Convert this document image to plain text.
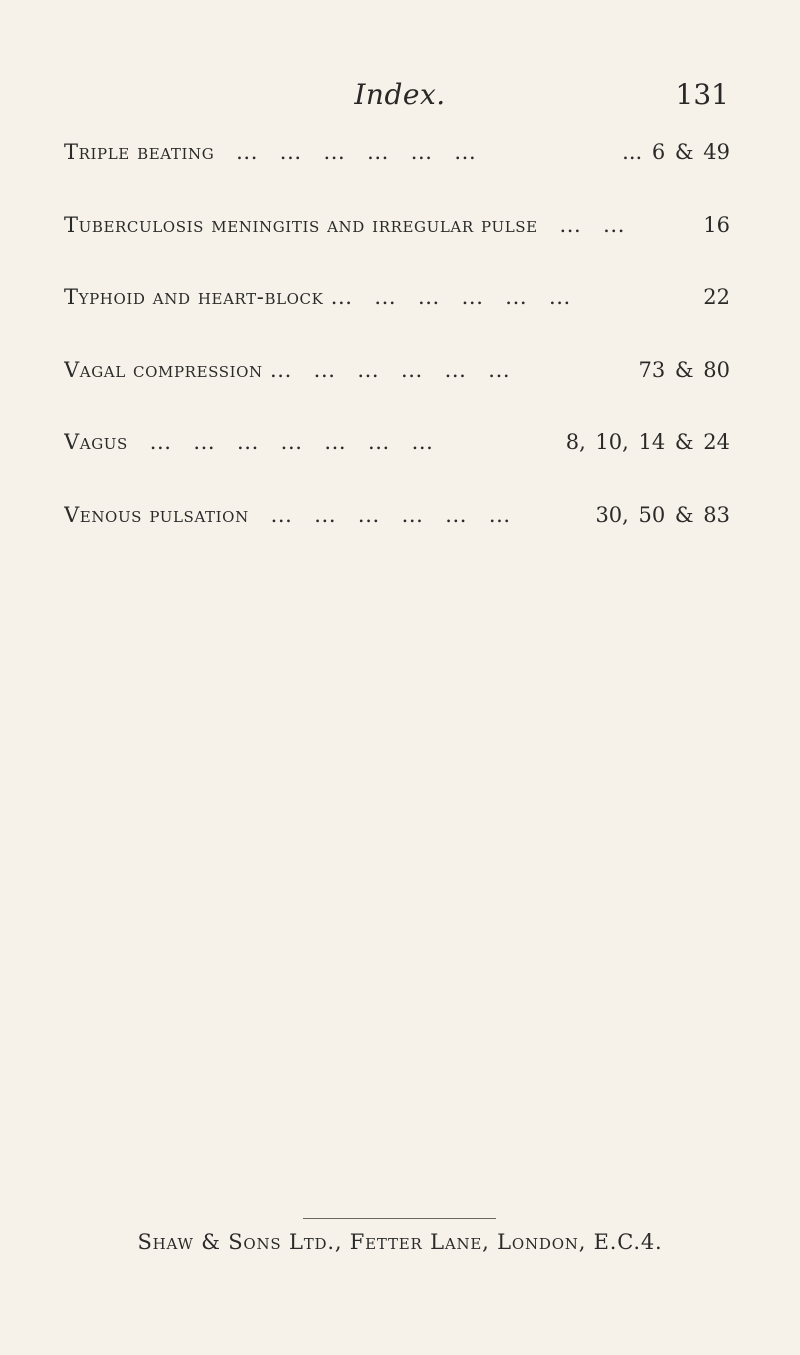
Index.	131
Triple beating   ...   ...   ...   ...   ...   ...	... 6 & 49
Tuberculosis meningitis and irregular pulse   ...   ...	16
Typhoid and heart-block ...   ...   ...   ...   ...   ...	22
Vagal compression ...   ...   ...   ...   ...   ...	73 & 80
Vagus   ...   ...   ...   ...   ...   ...   ...	8, 10, 14 & 24
Venous pulsation   ...   ...   ...   ...   ...   ...	30, 50 & 83
Shaw & Sons Ltd., Fetter Lane, London, E.C.4.
